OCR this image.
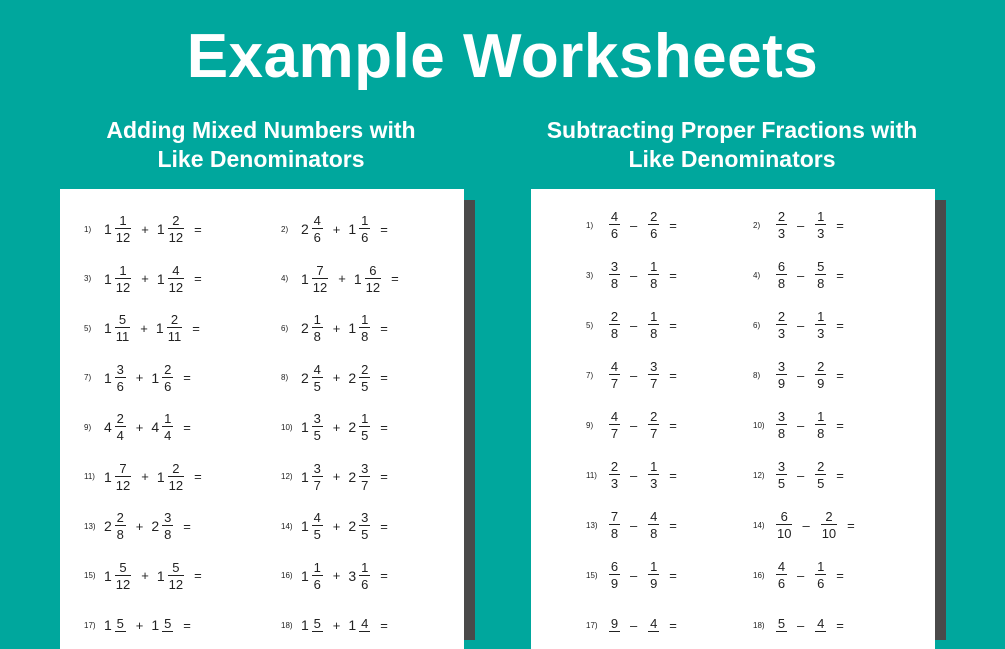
Example Worksheets
Adding Mixed Numbers with
Like Denominators
Subtracting Proper Fractions with
Like Denominators
1) $1 \frac{1}{12} + 1 \frac{2}{12}$ =	2) $2 \frac{4}{6} + 1 \frac{1}{6}$ =
3) $1 \frac{1}{12} + 1 \frac{4}{12}$ =	4) $1 \frac{7}{12} + 1 \frac{6}{12}$ =
5) $1 \frac{5}{11} + 1 \frac{2}{11}$ =	6) $2 \frac{1}{8} + 1 \frac{1}{8}$ =
7) $1 \frac{3}{6} + 1 \frac{2}{6}$ =	8) $2 \frac{4}{5} + 2 \frac{2}{5}$ =
9) $4 \frac{2}{4} + 4 \frac{1}{4}$ =	10) $1 \frac{3}{5} + 2 \frac{1}{5}$ =
11) $1 \frac{7}{12} + 1 \frac{2}{12}$ =	12) $1 \frac{3}{7} + 2 \frac{3}{7}$ =
13) $2 \frac{2}{8} + 2 \frac{3}{8}$ =	14) $1 \frac{4}{5} + 2 \frac{3}{5}$ =
15) $1 \frac{5}{12} + 1 \frac{5}{12}$ =	16) $1 \frac{1}{6} + 3 \frac{1}{6}$ =
17) 1 5 + 1 5 =	18) 1 5 + 1 4 =
1)	$\frac{4}{6} - \frac{2}{6}$ =	2)	$\frac{2}{3} - \frac{1}{3}$ =
3)	$\frac{3}{8} - \frac{1}{8}$ =	4)	$\frac{6}{8} - \frac{5}{8}$ =
5)	$\frac{2}{8} - \frac{1}{8}$ =	6)	$\frac{2}{3} - \frac{1}{3}$ =
7)	$\frac{4}{7} - \frac{3}{7}$ =	8)	$\frac{3}{9} - \frac{2}{9}$ =
9)	$\frac{4}{7} - \frac{2}{7}$ =	$10) \frac{3}{8} - \frac{1}{8}$ =
$11) \frac{2}{3} - \frac{1}{3}$ =	$12) \frac{3}{5} - \frac{2}{5}$ =
$13) \frac{7}{8} - \frac{4}{8}$ =	$14) \frac{6}{10} - \frac{2}{10}$ =
$15) \frac{6}{9} - \frac{1}{9}$ =	$16) \frac{4}{6} - \frac{1}{6}$ =
17)	9 – 4 =	18)	5 – 4 =
